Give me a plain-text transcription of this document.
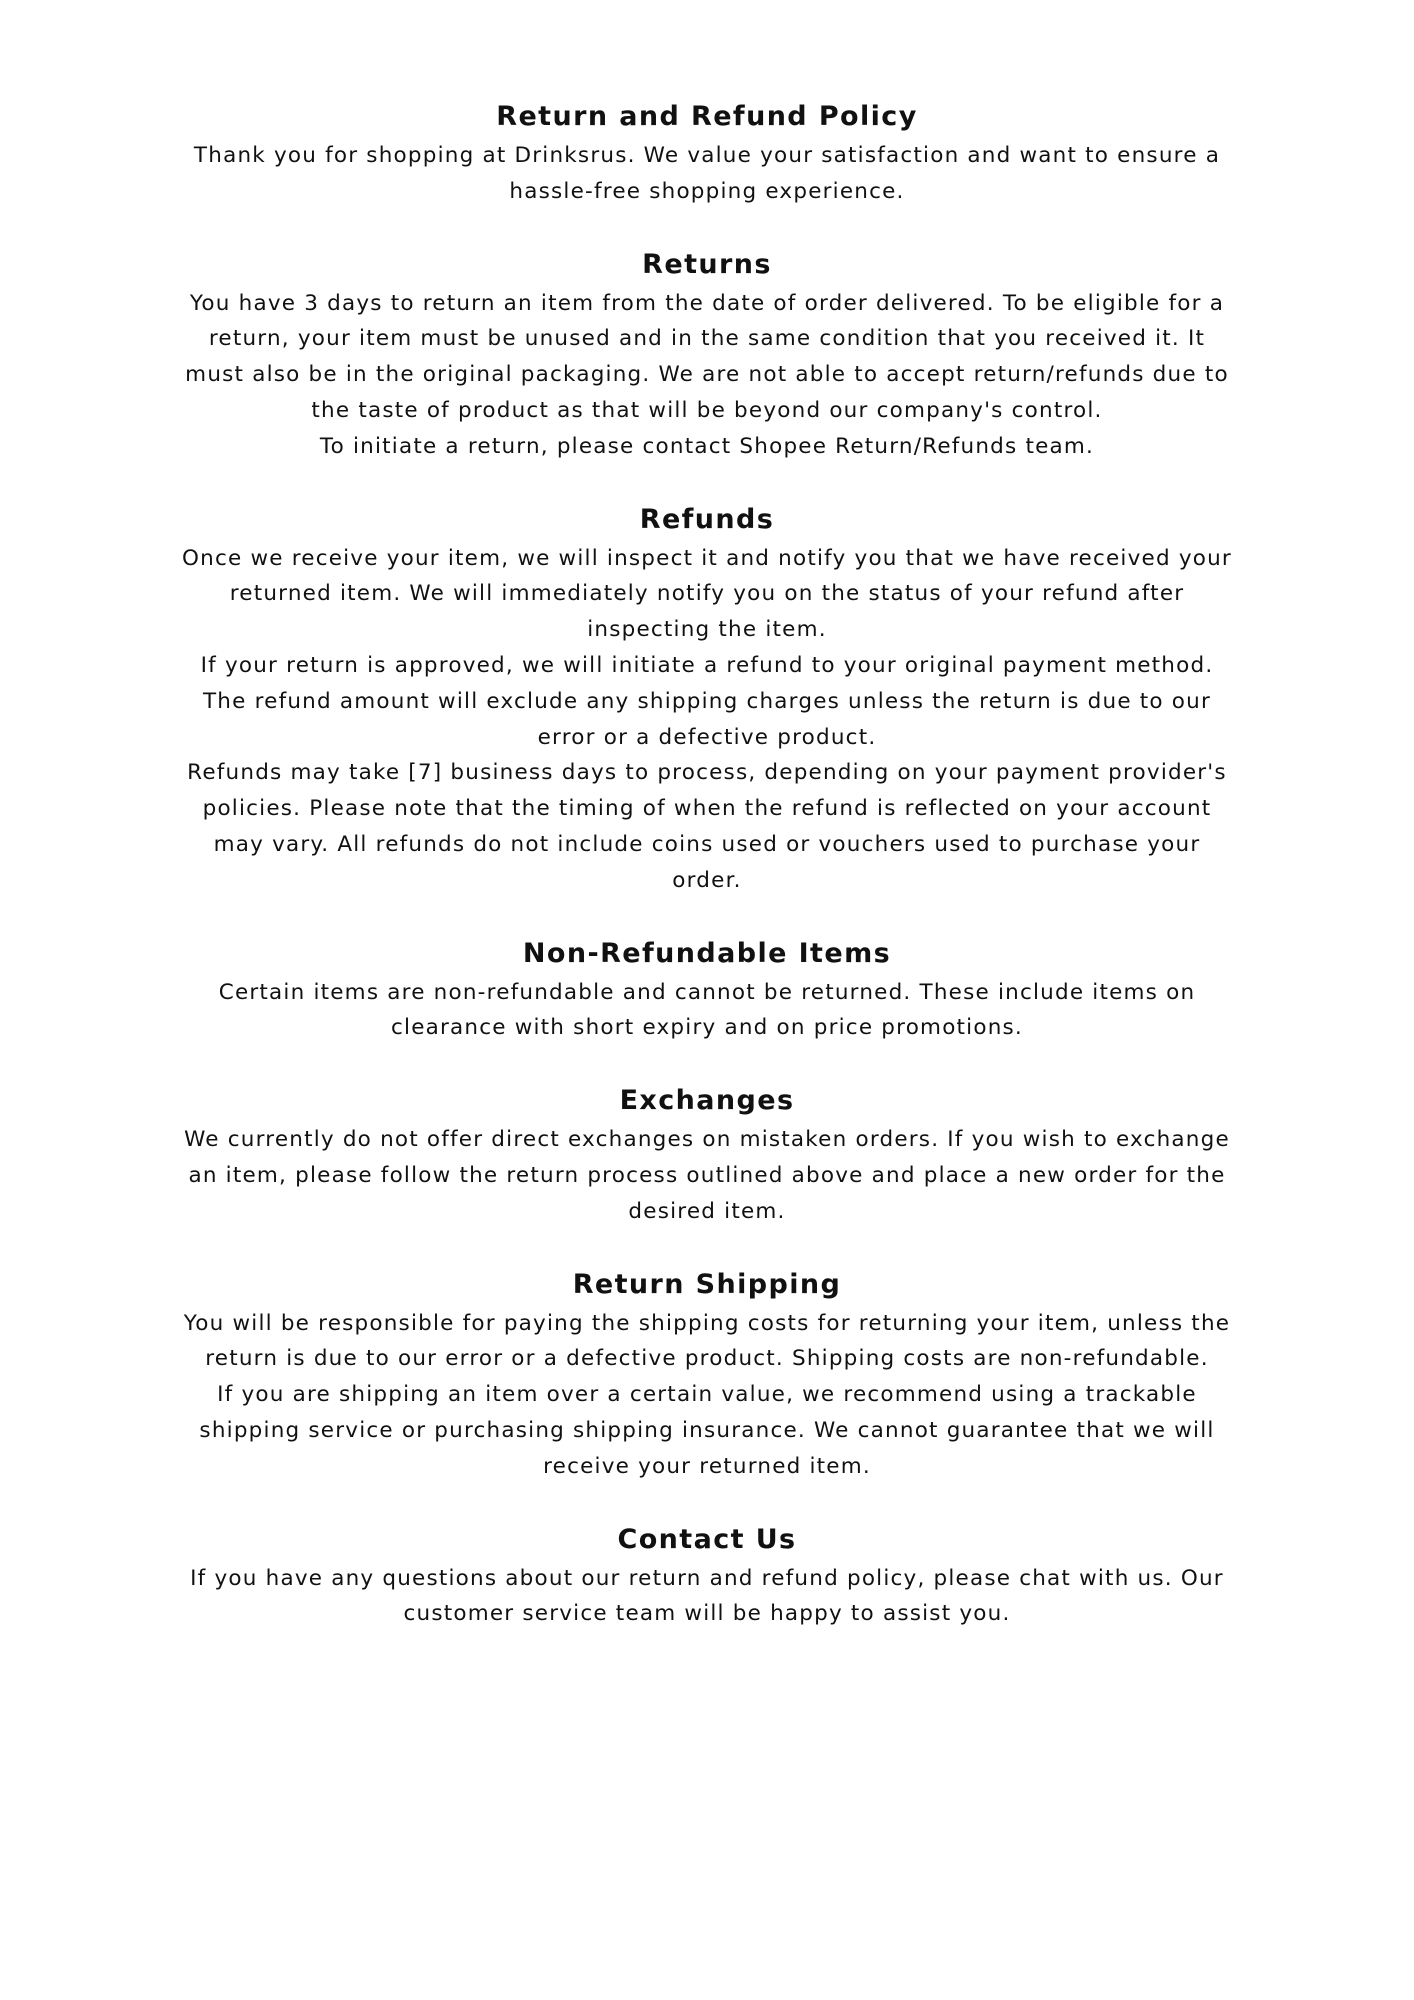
Return and Refund Policy

Thank you for shopping at Drinksrus. We value your satisfaction and want to ensure a
hassle-free shopping experience.

Returns

You have 3 days to return an item from the date of order delivered. To be eligible for a
return, your item must be unused and in the same condition that you received it. It
must also be in the original packaging. We are not able to accept return/refunds due to
the taste of product as that will be beyond our company's control.

To initiate a return, please contact Shopee Return/Refunds team.

Refunds

Once we receive your item, we will inspect it and notify you that we have received your
returned item. We will immediately notify you on the status of your refund after
inspecting the item.

If your return is approved, we will initiate a refund to your original payment method.
The refund amount will exclude any shipping charges unless the return is due to our
error or a defective product.

Refunds may take [7] business days to process, depending on your payment provider's
policies. Please note that the timing of when the refund is reflected on your account
may vary. All refunds do not include coins used or vouchers used to purchase your
order.

Non-Refundable Items

Certain items are non-refundable and cannot be returned. These include items on
clearance with short expiry and on price promotions.

Exchanges

We currently do not offer direct exchanges on mistaken orders. If you wish to exchange
an item, please follow the return process outlined above and place a new order for the
desired item.

Return Shipping

You will be responsible for paying the shipping costs for returning your item, unless the
return is due to our error or a defective product. Shipping costs are non-refundable.

If you are shipping an item over a certain value, we recommend using a trackable
shipping service or purchasing shipping insurance. We cannot guarantee that we will
receive your returned item.

Contact Us

If you have any questions about our return and refund policy, please chat with us. Our
customer service team will be happy to assist you.
